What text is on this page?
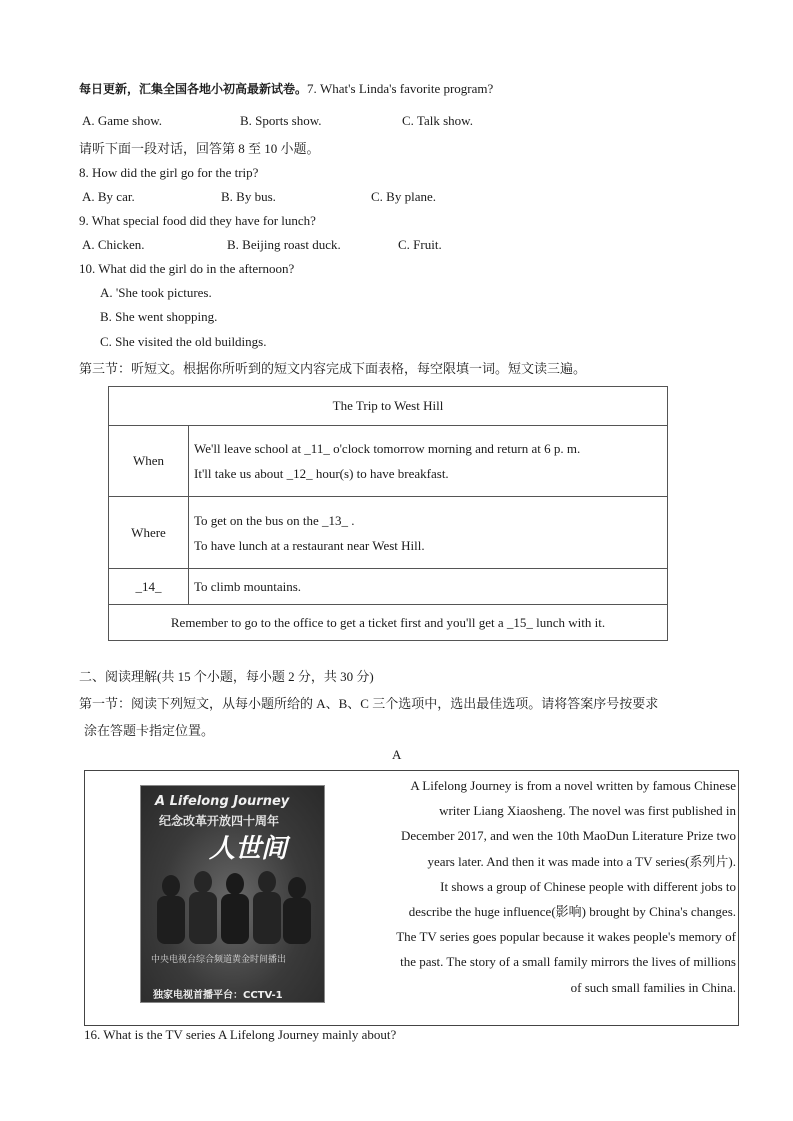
每日更新，汇集全国各地小初高最新试卷。7. What's Linda's favorite program?
A. Game show.	B. Sports show.	C. Talk show.
请听下面一段对话，回答第 8 至 10 小题。
8. How did the girl go for the trip?
A. By car.	B. By bus.	C. By plane.
9. What special food did they have for lunch?
A. Chicken.	B. Beijing roast duck.	C. Fruit.
10. What did the girl do in the afternoon?
A. 'She took pictures.
B. She went shopping.
C. She visited the old buildings.
第三节：听短文。根据你所听到的短文内容完成下面表格，每空限填一词。短文读三遍。
The Trip to West Hill	
When	We'll leave school at _11_ o'clock tomorrow morning and return at 6 p. m.
It'll take us about _12_ hour(s) to have breakfast.

Where	To get on the bus on the _13_ .
To have lunch at a restaurant near West Hill.

_14_	To climb mountains.
Remember to go to the office to get a ticket first and you'll get a _15_ lunch with it.	
二、阅读理解(共 15 个小题，每小题 2 分，共 30 分)
第一节：阅读下列短文，从每小题所给的 A、B、C 三个选项中，选出最佳选项。请将答案序号按要求
涂在答题卡指定位置。
A
A Lifelong Journey
纪念改革开放四十周年
人世间
中央电视台综合频道黄金时间播出
独家电视首播平台：CCTV-1
A Lifelong Journey is from a novel written by famous Chinese
writer Liang Xiaosheng. The novel was first published in
December 2017, and wen the 10th MaoDun Literature Prize two
years later. And then it was made into a TV series(系列片).
It shows a group of Chinese people with different jobs to
describe the huge influence(影响) brought by China's changes.
The TV series goes popular because it wakes people's memory of
the past. The story of a small family mirrors the lives of millions
of such small families in China.
16. What is the TV series A Lifelong Journey mainly about?
